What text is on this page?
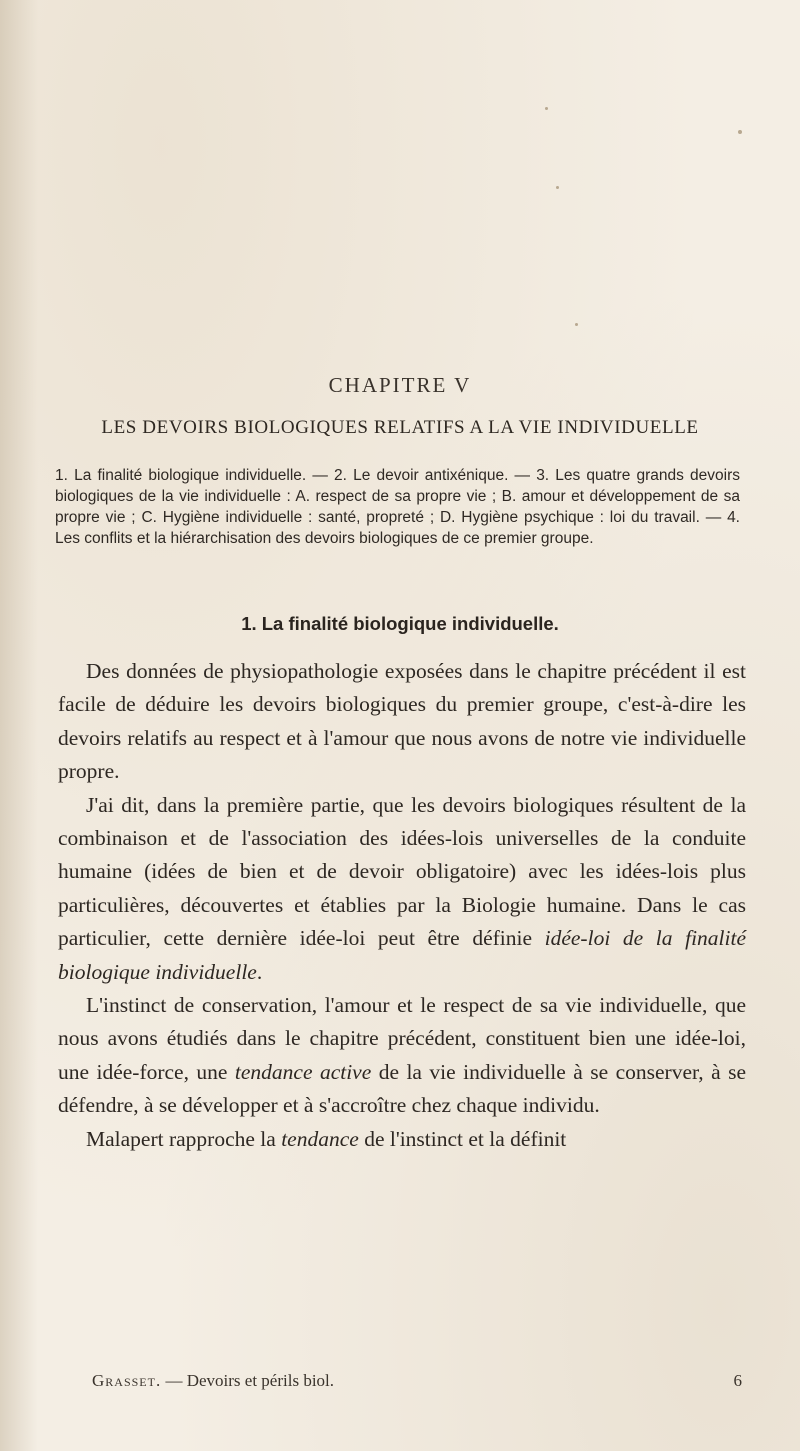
CHAPITRE V
LES DEVOIRS BIOLOGIQUES RELATIFS A LA VIE INDIVIDUELLE
1. La finalité biologique individuelle. — 2. Le devoir antixénique. — 3. Les quatre grands devoirs biologiques de la vie individuelle : A. respect de sa propre vie ; B. amour et développement de sa propre vie ; C. Hygiène individuelle : santé, propreté ; D. Hygiène psychique : loi du travail. — 4. Les conflits et la hiérarchisation des devoirs biologiques de ce premier groupe.
1. La finalité biologique individuelle.

Des données de physiopathologie exposées dans le chapitre précédent il est facile de déduire les devoirs biologiques du premier groupe, c'est-à-dire les devoirs relatifs au respect et à l'amour que nous avons de notre vie individuelle propre.

J'ai dit, dans la première partie, que les devoirs biologiques résultent de la combinaison et de l'association des idées-lois universelles de la conduite humaine (idées de bien et de devoir obligatoire) avec les idées-lois plus particulières, découvertes et établies par la Biologie humaine. Dans le cas particulier, cette dernière idée-loi peut être définie idée-loi de la finalité biologique individuelle.

L'instinct de conservation, l'amour et le respect de sa vie individuelle, que nous avons étudiés dans le chapitre précédent, constituent bien une idée-loi, une idée-force, une tendance active de la vie individuelle à se conserver, à se défendre, à se développer et à s'accroître chez chaque individu.

Malapert rapproche la tendance de l'instinct et la définit

Grasset. — Devoirs et périls biol.	6
